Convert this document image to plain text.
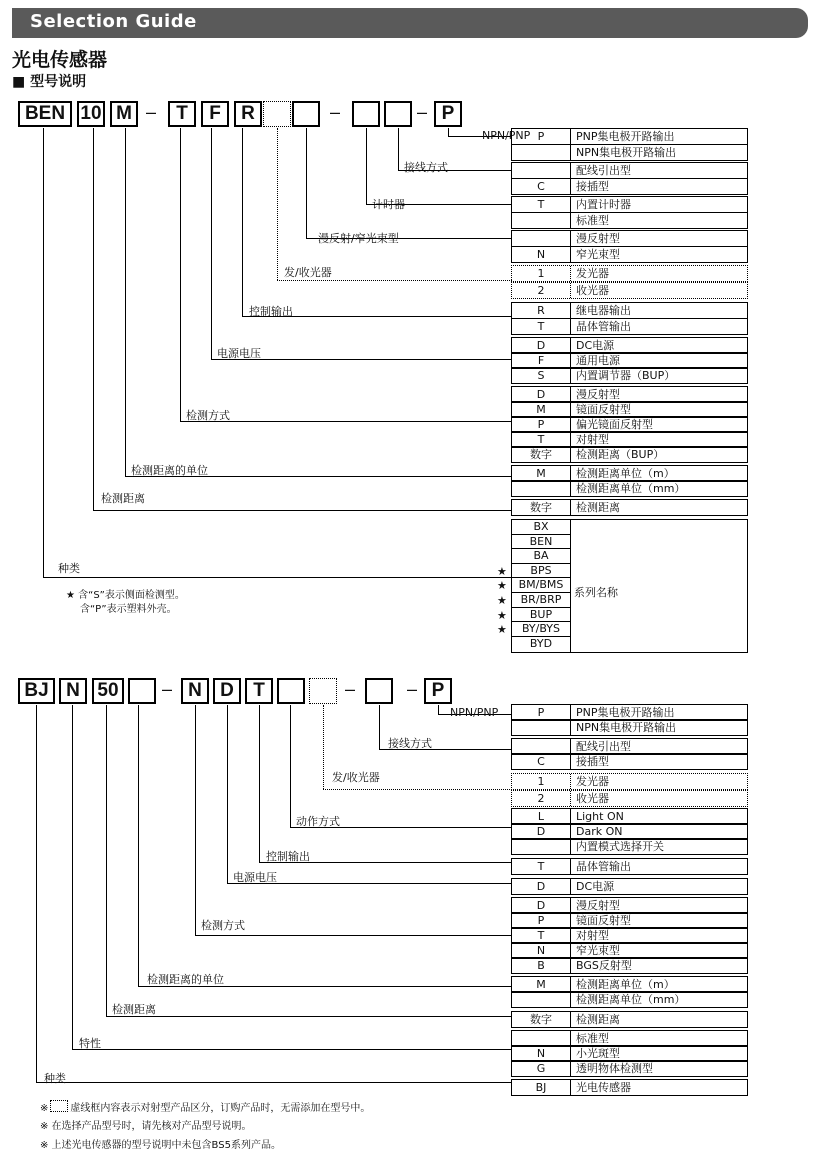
Selection Guide
光电传感器
■ 型号说明
BEN 10 M	T	F	R	P
–	–	–
NPN/PNP
接线方式
计时器
漫反射/窄光束型
发/收光器
控制输出
电源电压
检测方式
检测距离的单位
检测距离
种类
P	PNP集电极开路输出
NPN集电极开路输出
配线引出型
C	接插型
T	内置计时器
标准型
漫反射型
N	窄光束型
1	发光器
2	收光器
R	继电器输出
T	晶体管输出
D	DC电源
F	通用电源
S	内置调节器（BUP）
D	漫反射型
M	镜面反射型
P	偏光镜面反射型
T	对射型
数字	检测距离（BUP）
M	检测距离单位（m）
检测距离单位（mm）
数字	检测距离
BX
BEN
BA
BPS
BM/BMS
BR/BRP
BUP
BY/BYS
BYD
系列名称
★
★
★
★
★
★ 含“S”表示侧面检测型。
含“P”表示塑料外壳。
BJ N 50	N D	T	P
–	–	–
NPN/PNP
接线方式
发/收光器
动作方式
控制输出
电源电压
检测方式
检测距离的单位
检测距离
特性
种类
P	PNP集电极开路输出
NPN集电极开路输出
配线引出型
C	接插型
1	发光器
2	收光器
L	Light ON
D	Dark ON
内置模式选择开关
T	晶体管输出
D	DC电源
D	漫反射型
P	镜面反射型
T	对射型
N	窄光束型
B	BGS反射型
M	检测距离单位（m）
检测距离单位（mm）
数字	检测距离
标准型
N	小光斑型
G	透明物体检测型
BJ	光电传感器
※ 虚线框内容表示对射型产品区分，订购产品时，无需添加在型号中。
※ 在选择产品型号时，请先核对产品型号说明。
※ 上述光电传感器的型号说明中未包含BS5系列产品。
